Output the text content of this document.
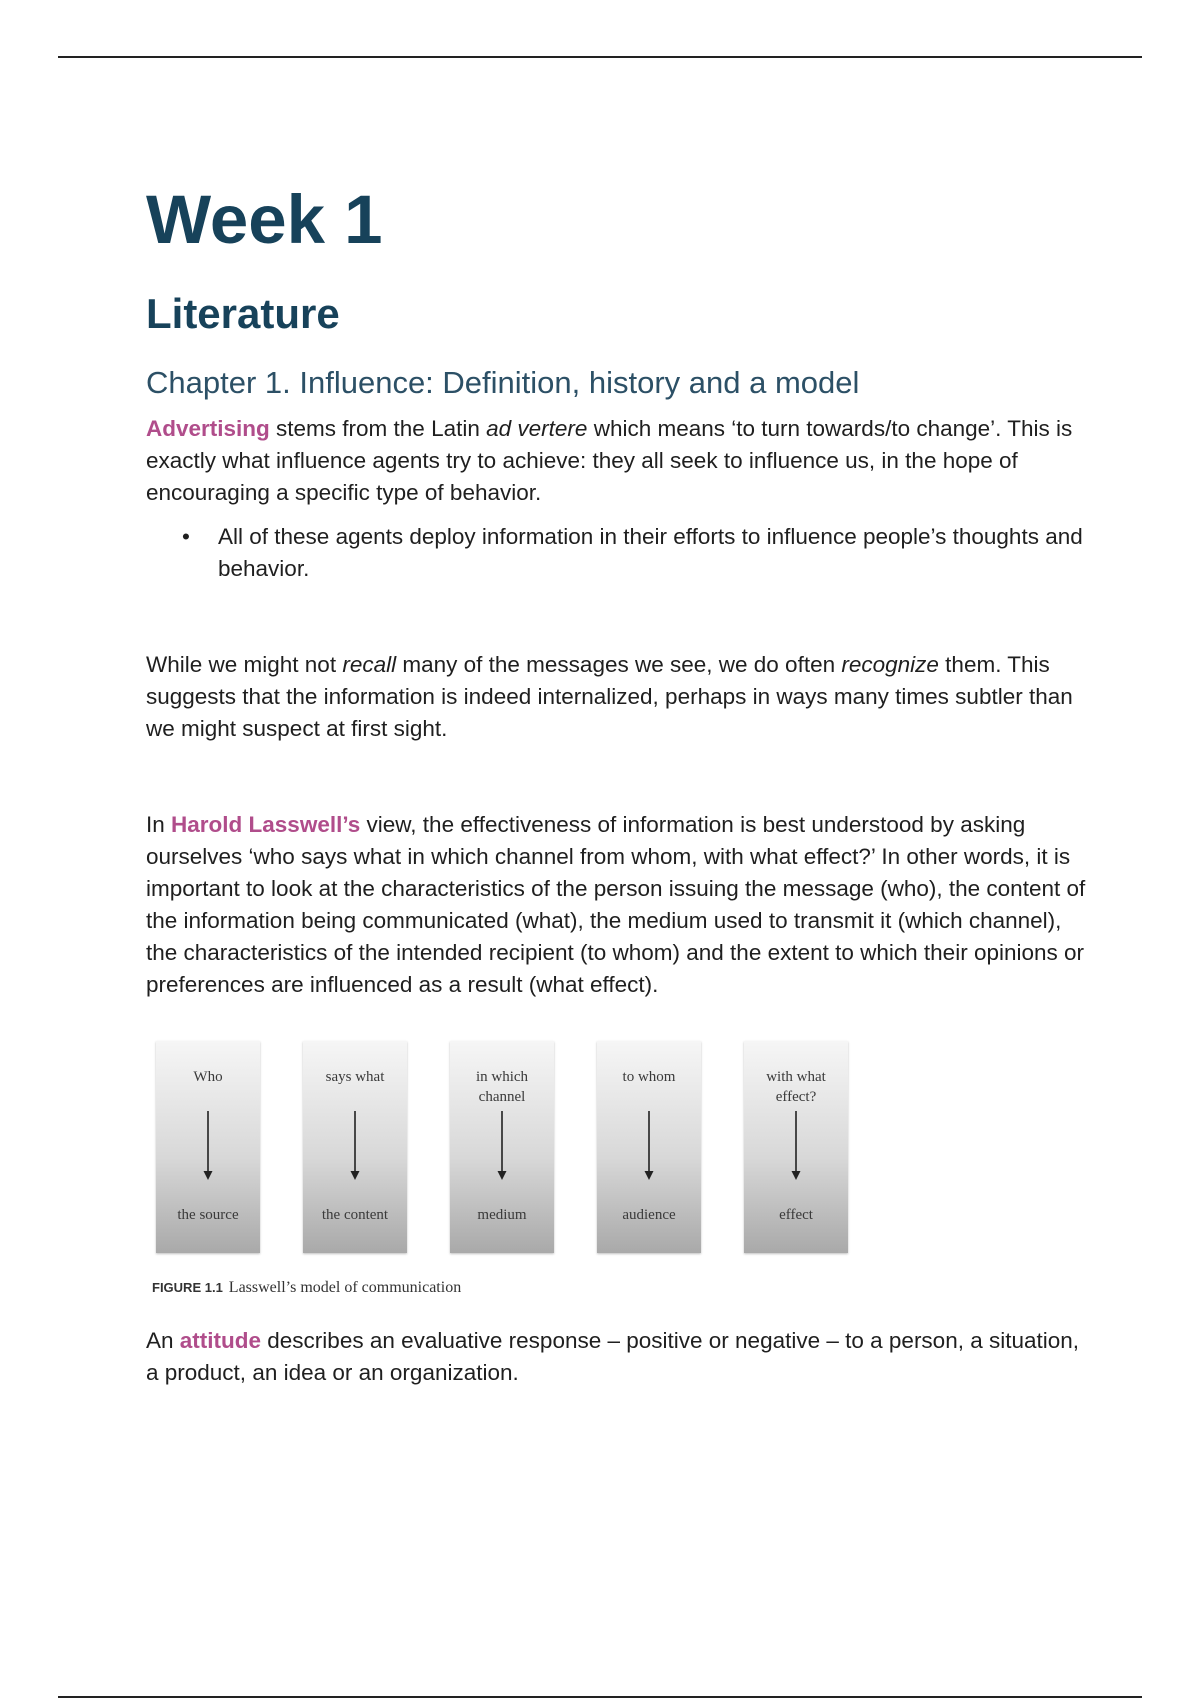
Week 1
Literature
Chapter 1. Influence: Definition, history and a model

Advertising stems from the Latin ad vertere which means ‘to turn towards/to change’. This is exactly what influence agents try to achieve: they all seek to influence us, in the hope of encouraging a specific type of behavior.

• All of these agents deploy information in their efforts to influence people’s thoughts and behavior.

While we might not recall many of the messages we see, we do often recognize them. This suggests that the information is indeed internalized, perhaps in ways many times subtler than we might suspect at first sight.

In Harold Lasswell’s view, the effectiveness of information is best understood by asking ourselves ‘who says what in which channel from whom, with what effect?’ In other words, it is important to look at the characteristics of the person issuing the message (who), the content of the information being communicated (what), the medium used to transmit it (which channel), the characteristics of the intended recipient (to whom) and the extent to which their opinions or preferences are influenced as a result (what effect).

Who
the source
says what
the content
in which channel
medium
to whom
audience
with what effect?
effect
FIGURE 1.1 Lasswell’s model of communication

An attitude describes an evaluative response – positive or negative – to a person, a situation, a product, an idea or an organization.
